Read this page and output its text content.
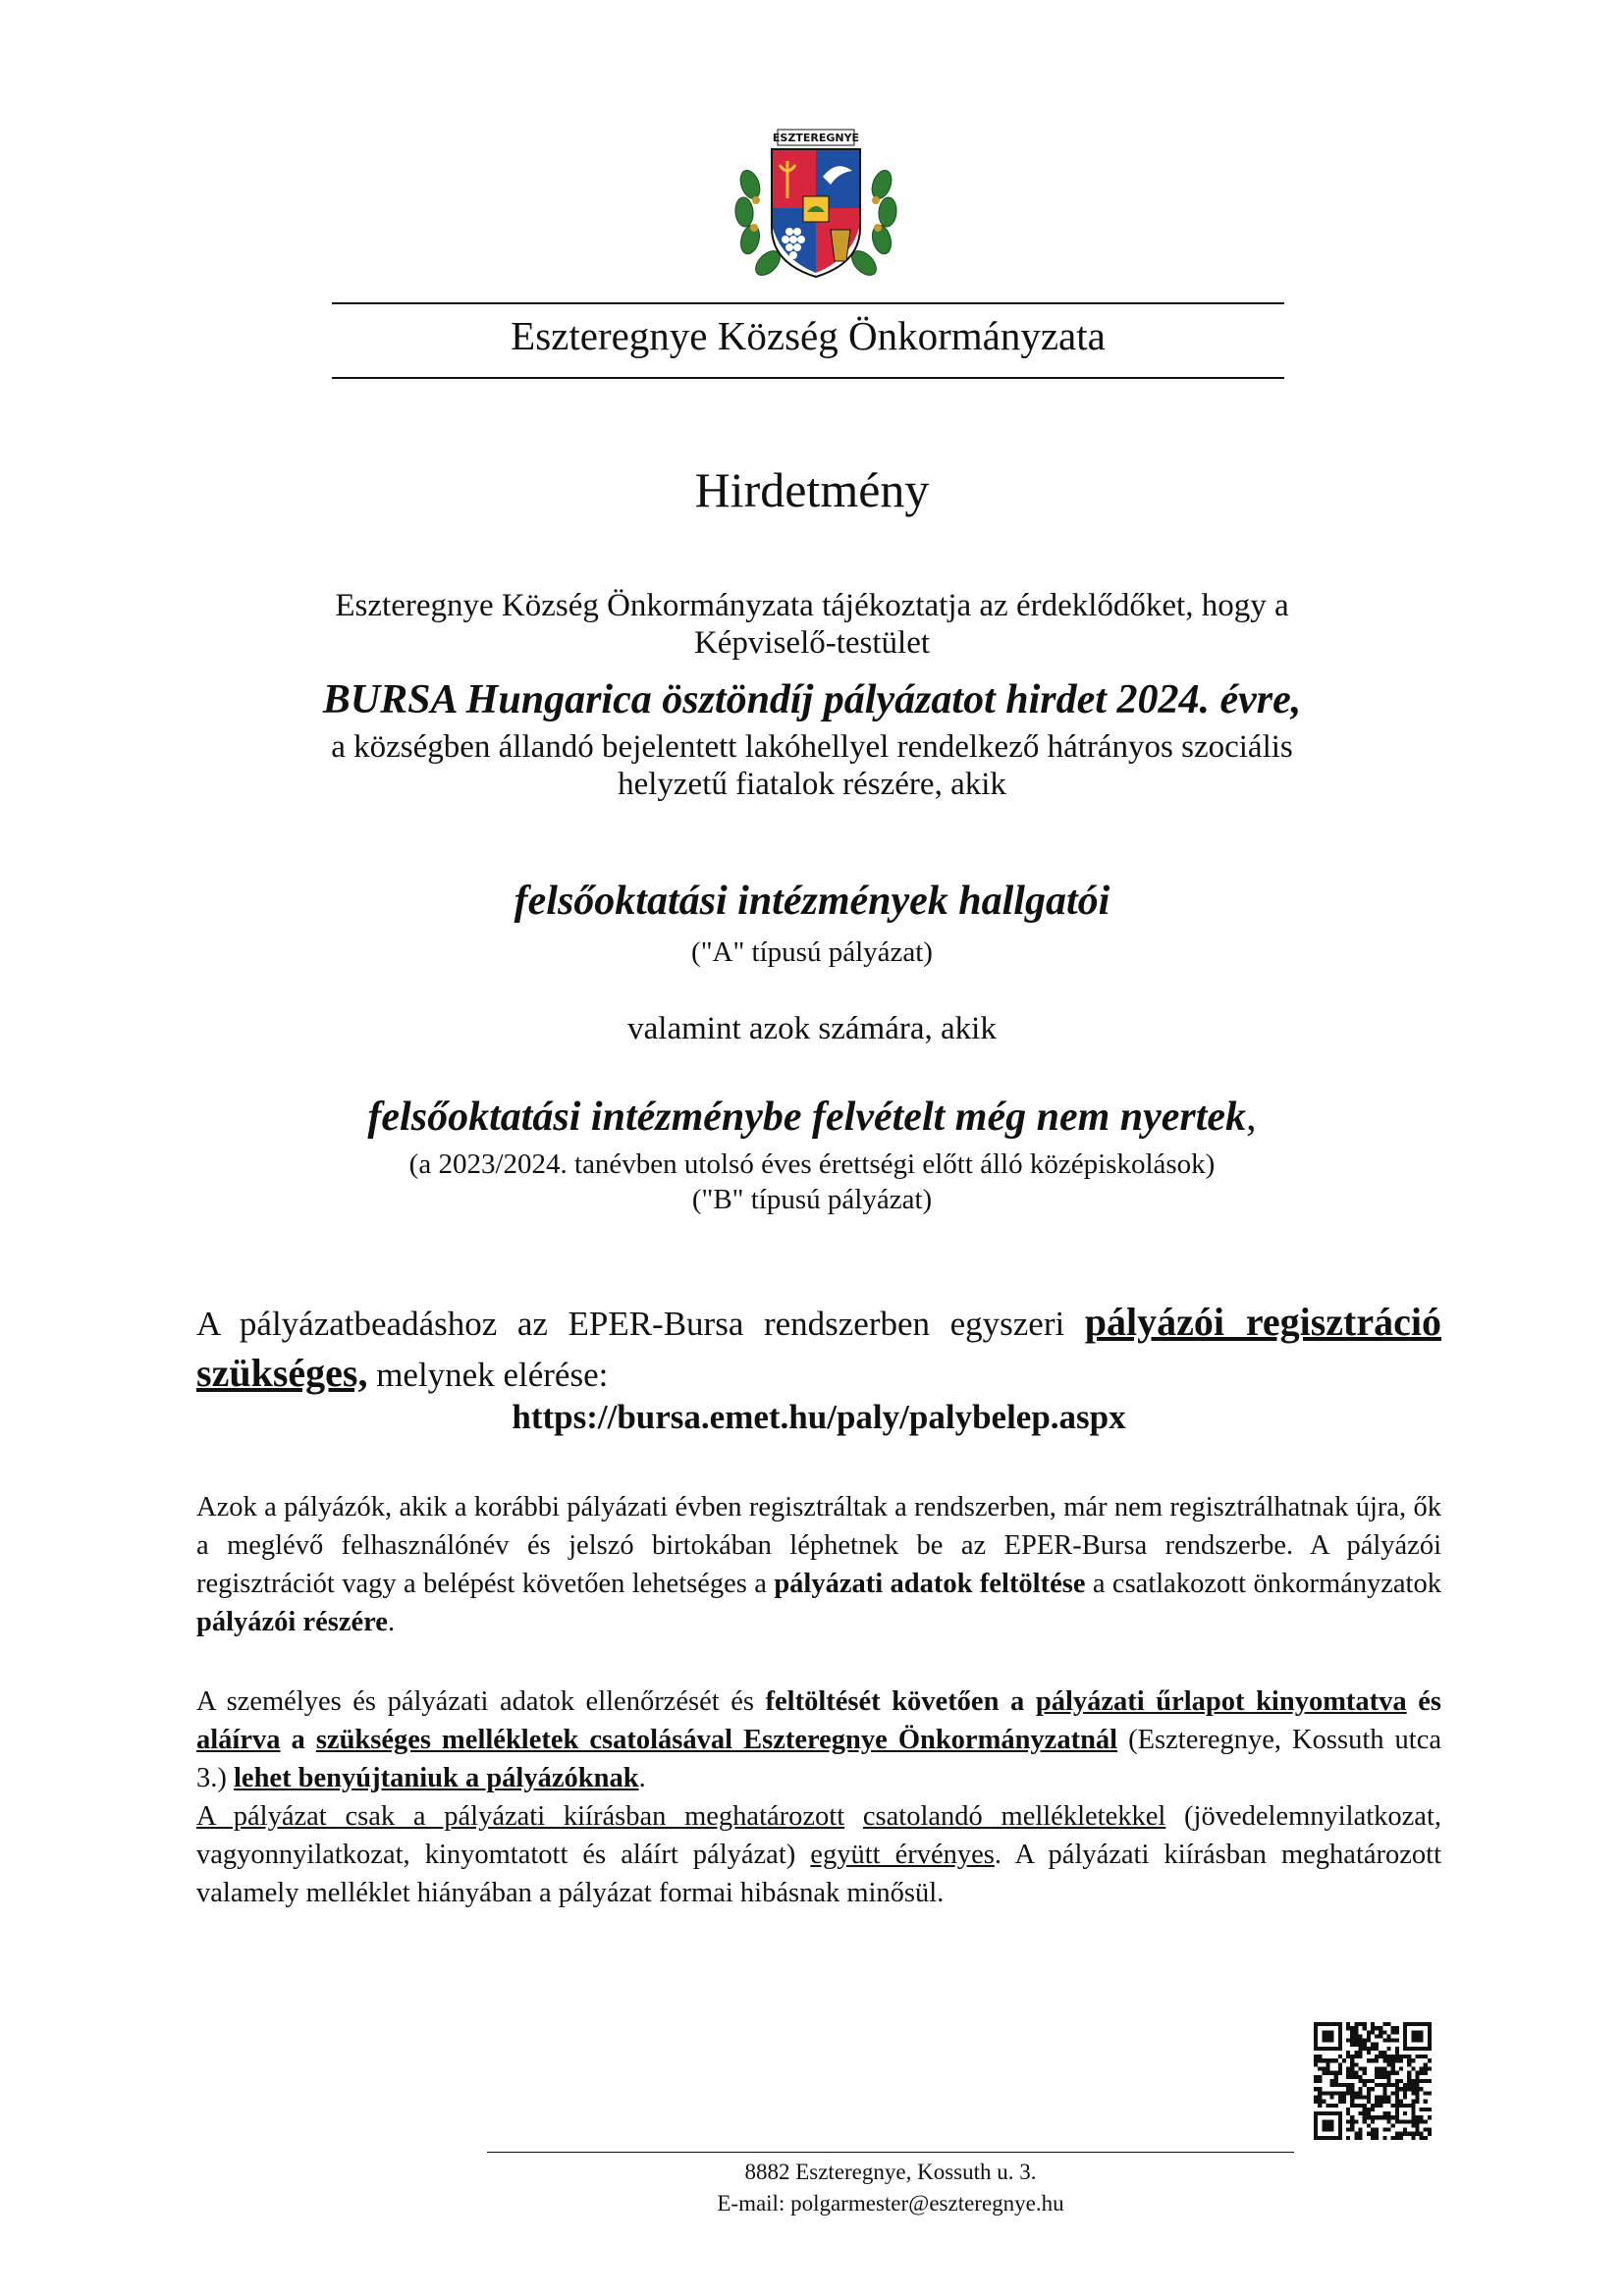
ESZTEREGNYE
Eszteregnye Község Önkormányzata
Hirdetmény
Eszteregnye Község Önkormányzata tájékoztatja az érdeklődőket, hogy a
Képviselő-testület
BURSA Hungarica ösztöndíj pályázatot hirdet 2024. évre,
a községben állandó bejelentett lakóhellyel rendelkező hátrányos szociális
helyzetű fiatalok részére, akik
felsőoktatási intézmények hallgatói
("A" típusú pályázat)
valamint azok számára, akik
felsőoktatási intézménybe felvételt még nem nyertek,
(a 2023/2024. tanévben utolsó éves érettségi előtt álló középiskolások)
("B" típusú pályázat)
A pályázatbeadáshoz az EPER-Bursa rendszerben egyszeri pályázói regisztráció szükséges, melynek elérése:
https://bursa.emet.hu/paly/palybelep.aspx
Azok a pályázók, akik a korábbi pályázati évben regisztráltak a rendszerben, már nem regisztrálhatnak újra, ők a meglévő felhasználónév és jelszó birtokában léphetnek be az EPER-Bursa rendszerbe. A pályázói regisztrációt vagy a belépést követően lehetséges a pályázati adatok feltöltése a csatlakozott önkormányzatok pályázói részére.
A személyes és pályázati adatok ellenőrzését és feltöltését követően a pályázati űrlapot kinyomtatva és aláírva a szükséges mellékletek csatolásával Eszteregnye Önkormányzatnál (Eszteregnye, Kossuth utca 3.) lehet benyújtaniuk a pályázóknak.
A pályázat csak a pályázati kiírásban meghatározott csatolandó mellékletekkel (jövedelemnyilatkozat, vagyonnyilatkozat, kinyomtatott és aláírt pályázat) együtt érvényes. A pályázati kiírásban meghatározott valamely melléklet hiányában a pályázat formai hibásnak minősül.
8882 Eszteregnye, Kossuth u. 3.
E-mail: polgarmester@eszteregnye.hu
